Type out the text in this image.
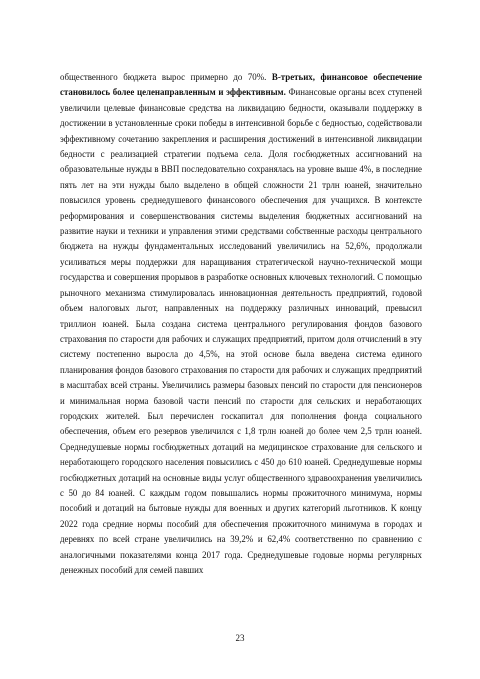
общественного бюджета вырос примерно до 70%. В-третьих, финансовое обеспечение становилось более целенаправленным и эффективным. Финансовые органы всех ступеней увеличили целевые финансовые средства на ликвидацию бедности, оказывали поддержку в достижении в установленные сроки победы в интенсивной борьбе с бедностью, содействовали эффективному сочетанию закрепления и расширения достижений в интенсивной ликвидации бедности с реализацией стратегии подъема села. Доля госбюджетных ассигнований на образовательные нужды в ВВП последовательно сохранялась на уровне выше 4%, в последние пять лет на эти нужды было выделено в общей сложности 21 трлн юаней, значительно повысился уровень среднедушевого финансового обеспечения для учащихся. В контексте реформирования и совершенствования системы выделения бюджетных ассигнований на развитие науки и техники и управления этими средствами собственные расходы центрального бюджета на нужды фундаментальных исследований увеличились на 52,6%, продолжали усиливаться меры поддержки для наращивания стратегической научно-технической мощи государства и совершения прорывов в разработке основных ключевых технологий. С помощью рыночного механизма стимулировалась инновационная деятельность предприятий, годовой объем налоговых льгот, направленных на поддержку различных инноваций, превысил триллион юаней. Была создана система центрального регулирования фондов базового страхования по старости для рабочих и служащих предприятий, притом доля отчислений в эту систему постепенно выросла до 4,5%, на этой основе была введена система единого планирования фондов базового страхования по старости для рабочих и служащих предприятий в масштабах всей страны. Увеличились размеры базовых пенсий по старости для пенсионеров и минимальная норма базовой части пенсий по старости для сельских и неработающих городских жителей. Был перечислен госкапитал для пополнения фонда социального обеспечения, объем его резервов увеличился с 1,8 трлн юаней до более чем 2,5 трлн юаней. Среднедушевые нормы госбюджетных дотаций на медицинское страхование для сельского и неработающего городского населения повысились с 450 до 610 юаней. Среднедушевые нормы госбюджетных дотаций на основные виды услуг общественного здравоохранения увеличились с 50 до 84 юаней. С каждым годом повышались нормы прожиточного минимума, нормы пособий и дотаций на бытовые нужды для военных и других категорий льготников. К концу 2022 года средние нормы пособий для обеспечения прожиточного минимума в городах и деревнях по всей стране увеличились на 39,2% и 62,4% соответственно по сравнению с аналогичными показателями конца 2017 года. Среднедушевые годовые нормы регулярных денежных пособий для семей павших
23
